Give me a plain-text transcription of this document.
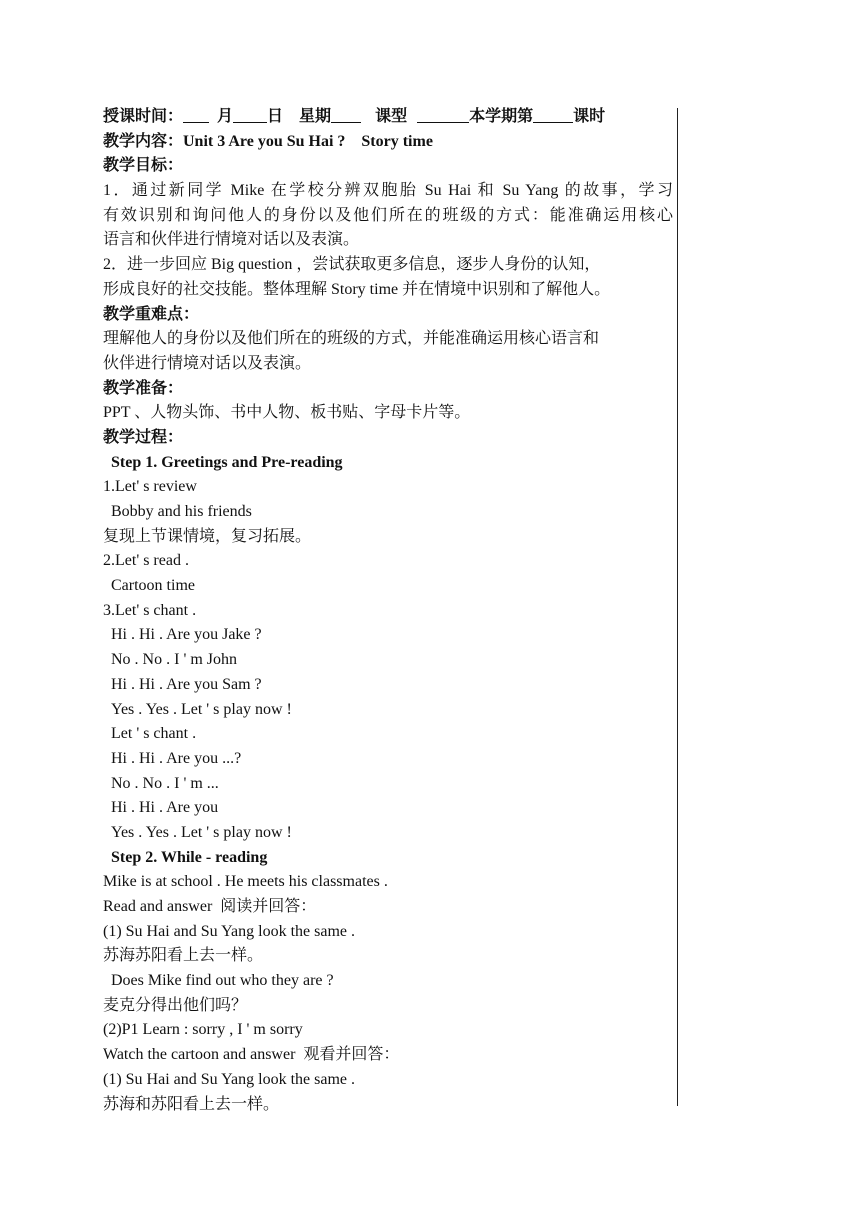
授课时间： 月 日 星期	课型	本学期第	课时
教学内容：Unit 3 Are you Su Hai ?    Story time
教学目标：
1．通过新同学 Mike 在学校分辨双胞胎 Su Hai 和 Su Yang 的故事，学习
有效识别和询问他人的身份以及他们所在的班级的方式：能准确运用核心
语言和伙伴进行情境对话以及表演。
2．进一步回应 Big question ，尝试获取更多信息，逐步人身份的认知，
形成良好的社交技能。整体理解 Story time 并在情境中识别和了解他人。
教学重难点：
理解他人的身份以及他们所在的班级的方式，并能准确运用核心语言和
伙伴进行情境对话以及表演。
教学准备：
PPT 、人物头饰、书中人物、板书贴、字母卡片等。
教学过程：
Step 1. Greetings and Pre-reading
1.Let' s review
Bobby and his friends
复现上节课情境，复习拓展。
2.Let' s read .
Cartoon time
3.Let' s chant .
Hi . Hi . Are you Jake ?
No . No . I ' m John
Hi . Hi . Are you Sam ?
Yes . Yes . Let ' s play now !
Let ' s chant .
Hi . Hi . Are you ...?
No . No . I ' m ...
Hi . Hi . Are you
Yes . Yes . Let ' s play now !
Step 2. While - reading
Mike is at school . He meets his classmates .
Read and answer  阅读并回答：
(1) Su Hai and Su Yang look the same .
苏海苏阳看上去一样。
Does Mike find out who they are ?
麦克分得出他们吗？
(2)P1 Learn : sorry , I ' m sorry
Watch the cartoon and answer  观看并回答：
(1) Su Hai and Su Yang look the same .
苏海和苏阳看上去一样。
